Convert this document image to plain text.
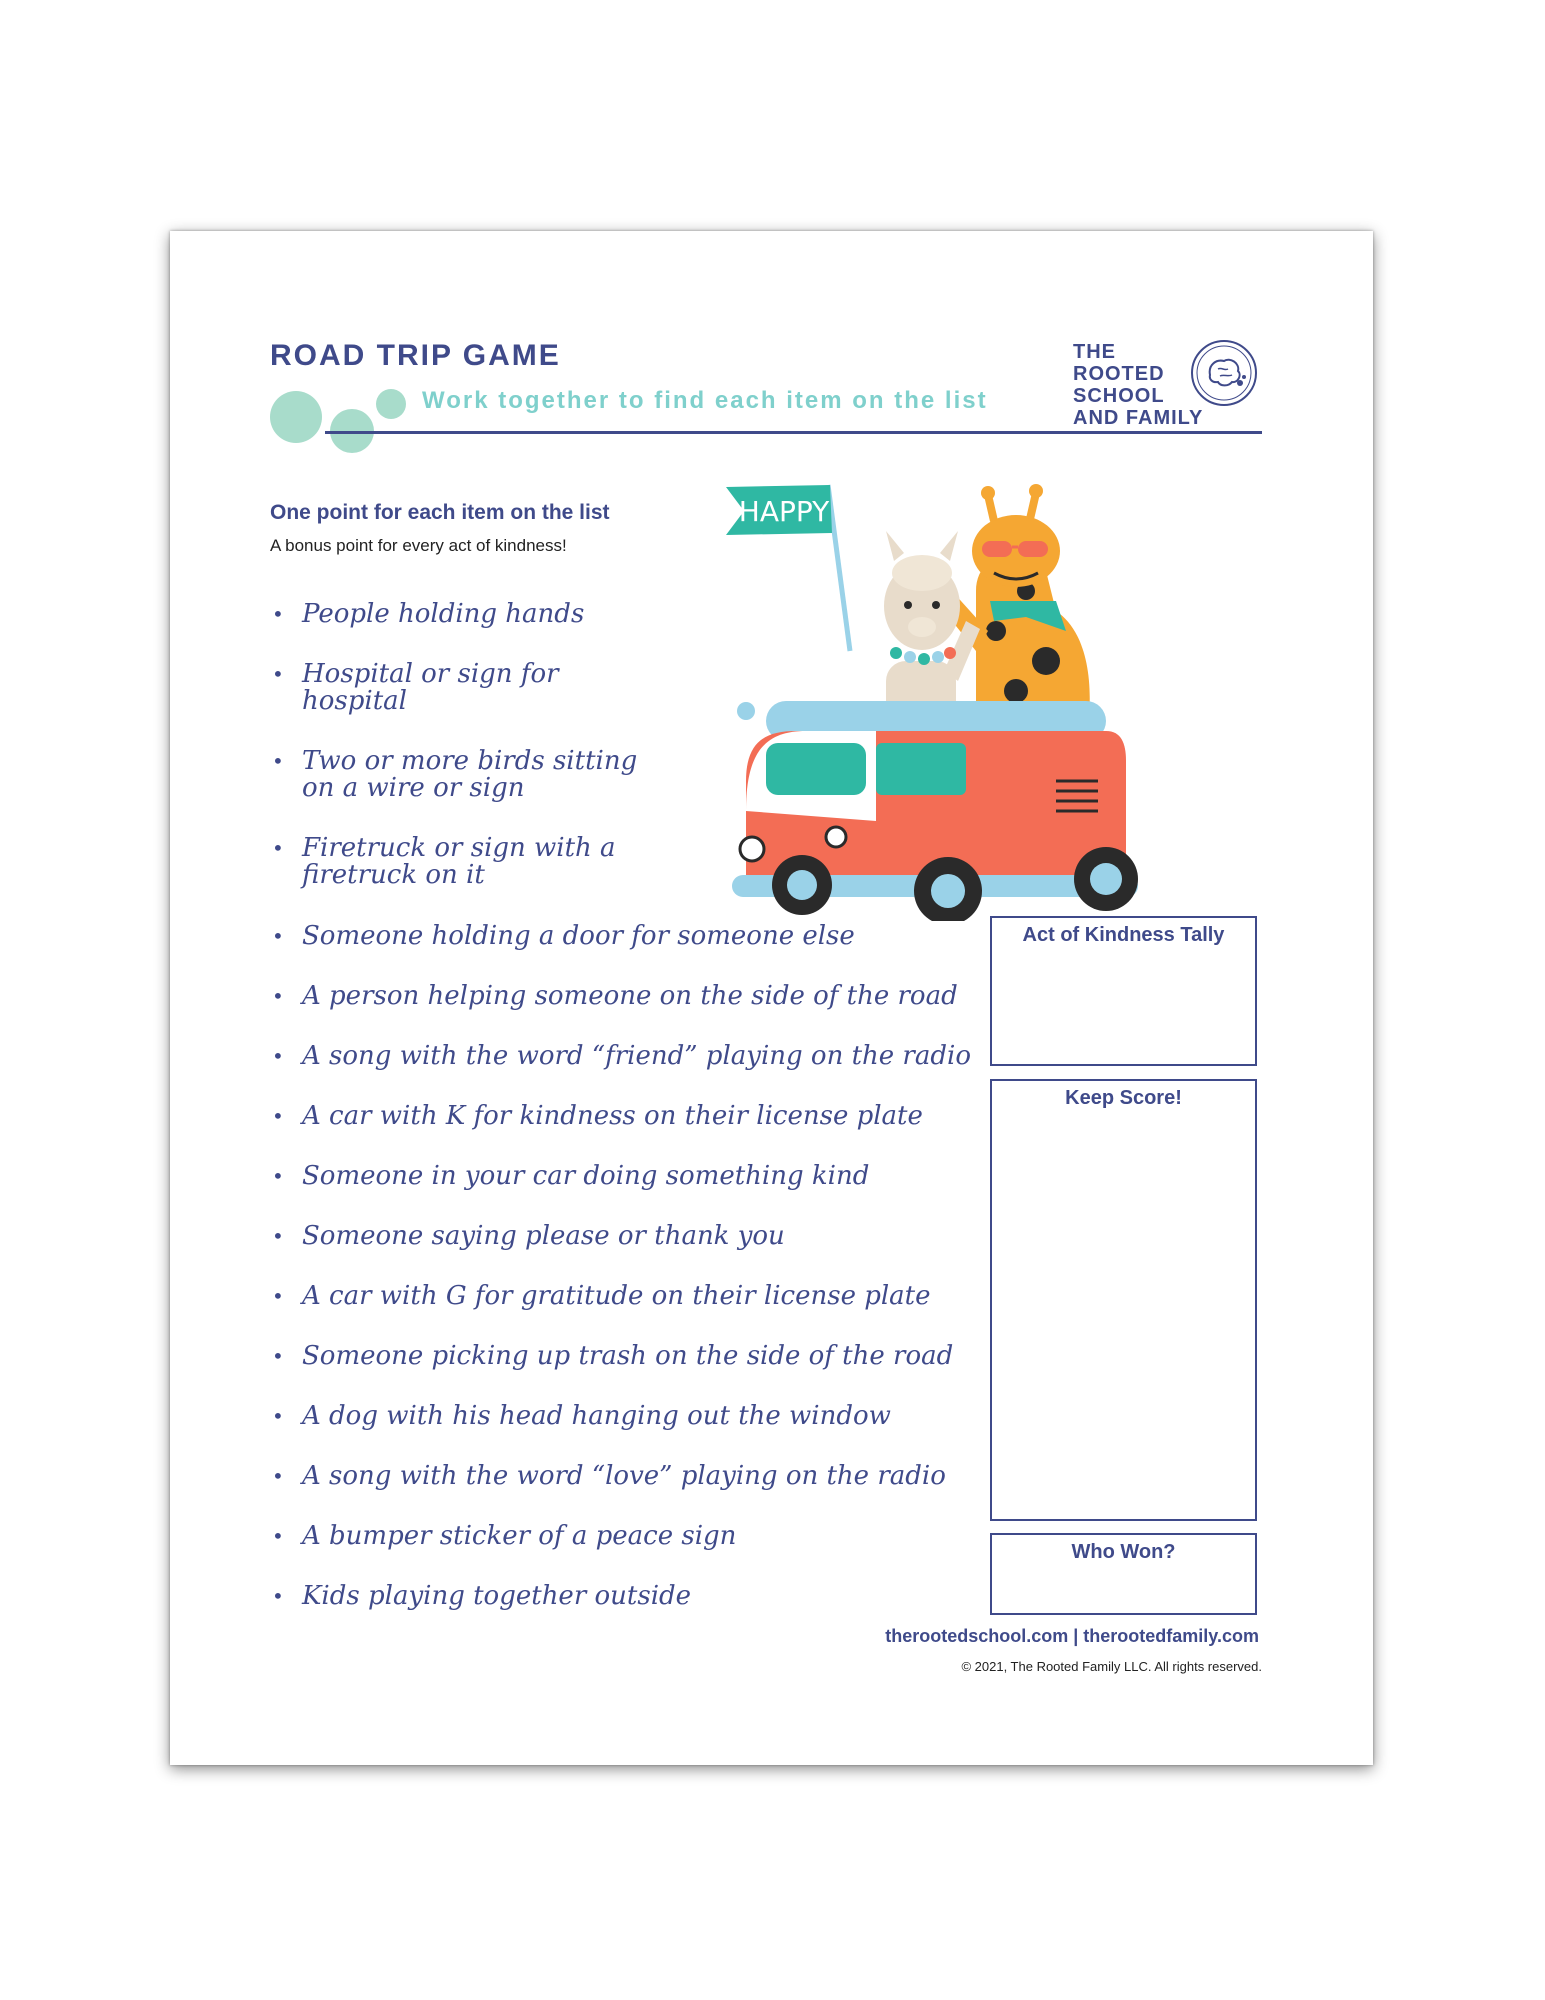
ROAD TRIP GAME
Work together to find each item on the list
THE
ROOTED
SCHOOL
AND FAMILY
One point for each item on the list
A bonus point for every act of kindness!
HAPPY
• People holding hands
• Hospital or sign for
hospital
• Two or more birds sitting
on a wire or sign
• Firetruck or sign with a
firetruck on it
• Someone holding a door for someone else
• A person helping someone on the side of the road
• A song with the word “friend” playing on the radio
• A car with K for kindness on their license plate
• Someone in your car doing something kind
• Someone saying please or thank you
• A car with G for gratitude on their license plate
• Someone picking up trash on the side of the road
• A dog with his head hanging out the window
• A song with the word “love” playing on the radio
• A bumper sticker of a peace sign
• Kids playing together outside
Act of Kindness Tally
Keep Score!
Who Won?
therootedschool.com | therootedfamily.com
© 2021, The Rooted Family LLC. All rights reserved.
